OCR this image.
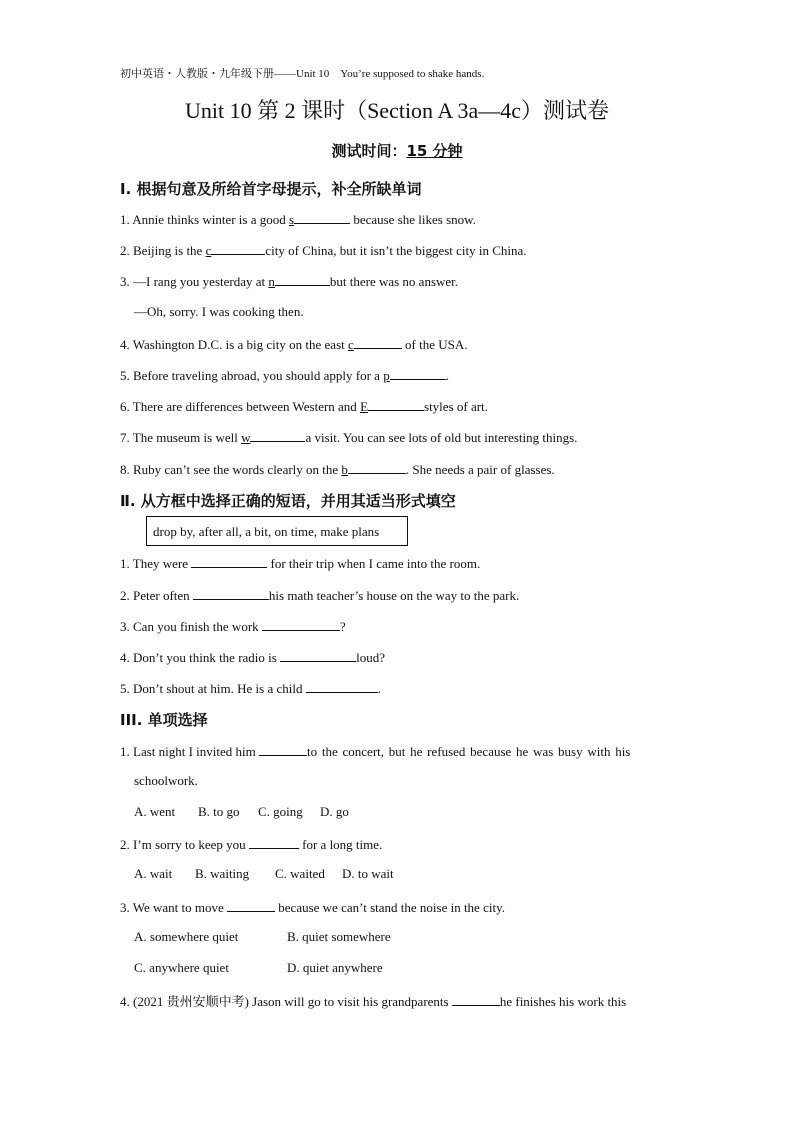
初中英语・人教版・九年级下册——Unit 10　You’re supposed to shake hands.
Unit 10 第 2 课时（Section A 3a—4c）测试卷
测试时间：15 分钟
Ⅰ. 根据句意及所给首字母提示，补全所缺单词
1. Annie thinks winter is a good s	because she likes snow.
2. Beijing is the c	city of China, but it isn’t the biggest city in China.
3. —I rang you yesterday at n	but there was no answer.
—Oh, sorry. I was cooking then.
4. Washington D.C. is a big city on the east c	of the USA.
5. Before traveling abroad, you should apply for a p	.
6. There are differences between Western and E	styles of art.
7. The museum is well w	a visit. You can see lots of old but interesting things.
8. Ruby can’t see the words clearly on the b	. She needs a pair of glasses.
Ⅱ. 从方框中选择正确的短语，并用其适当形式填空
drop by, after all, a bit, on time, make plans
1. They were	for their trip when I came into the room.
2. Peter often	his math teacher’s house on the way to the park.
3. Can you finish the work	?
4. Don’t you think the radio is	loud?
5. Don’t shout at him. He is a child	.
III. 单项选择
1. Last night I invited him	to the concert, but he refused because he was busy with his
schoolwork.
A. went B. to go C. going D. go
2. I’m sorry to keep you	for a long time.
A. wait B. waiting C. waited D. to wait
3. We want to move	because we can’t stand the noise in the city.
A. somewhere quiet	B. quiet somewhere
C. anywhere quiet	D. quiet anywhere
4. (2021 贵州安顺中考) Jason will go to visit his grandparents	he finishes his work this
